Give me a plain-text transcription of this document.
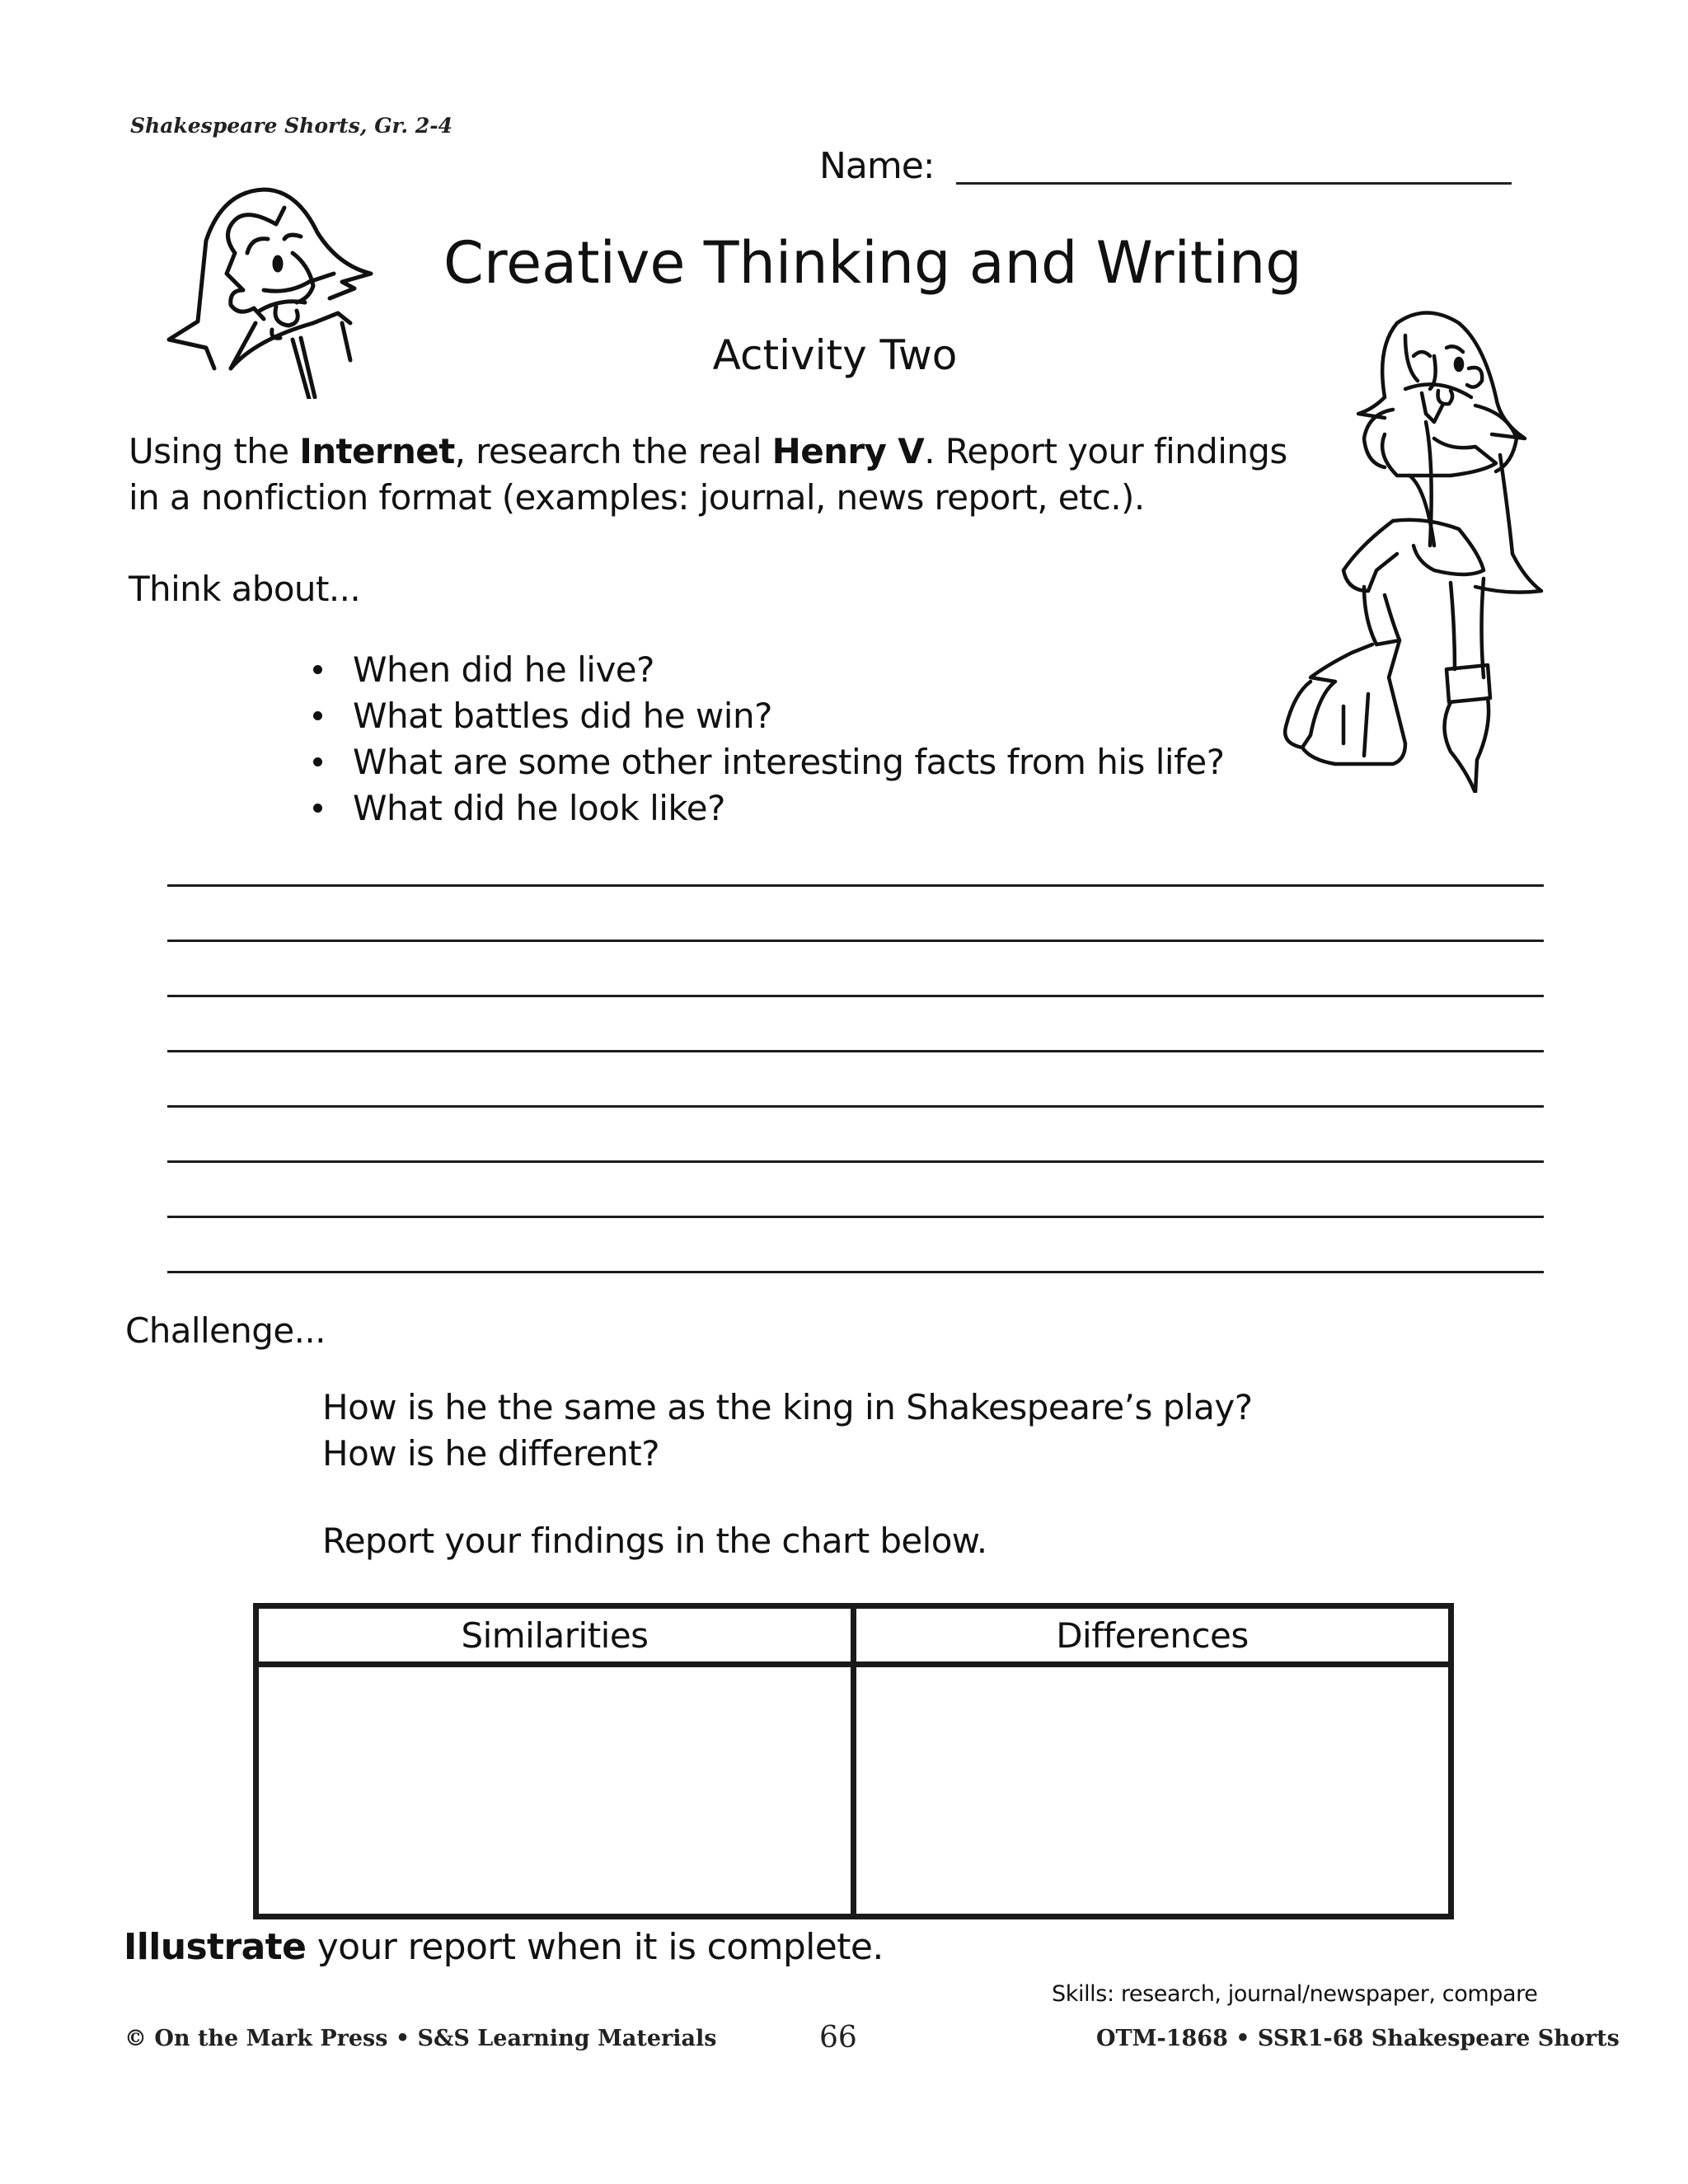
Shakespeare Shorts, Gr. 2-4
Name:
Creative Thinking and Writing
Activity Two
Using the Internet, research the real Henry V. Report your findings in a nonfiction format (examples: journal, news report, etc.).
Think about...
When did he live?
What battles did he win?
What are some other interesting facts from his life?
What did he look like?
Challenge...
How is he the same as the king in Shakespeare’s play?
How is he different?
Report your findings in the chart below.
Similarities	Differences

Illustrate your report when it is complete.
Skills: research, journal/newspaper, compare
© On the Mark Press • S&S Learning Materials	66	OTM-1868 • SSR1-68 Shakespeare Shorts
